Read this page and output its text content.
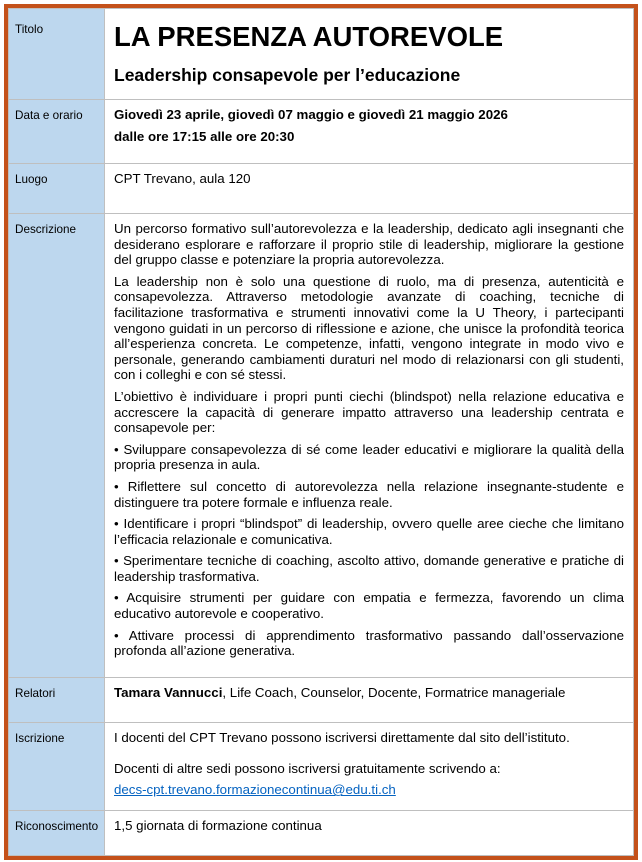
Titolo	LA PRESENZA AUTOREVOLE
Leadership consapevole per l’educazione

Data e orario	Giovedì 23 aprile, giovedì 07 maggio e giovedì 21 maggio 2026

dalle ore 17:15 alle ore 20:30

Luogo	CPT Trevano, aula 120

Descrizione	Un percorso formativo sull’autorevolezza e la leadership, dedicato agli insegnanti che desiderano esplorare e rafforzare il proprio stile di leadership, migliorare la gestione del gruppo classe e potenziare la propria autorevolezza.

La leadership non è solo una questione di ruolo, ma di presenza, autenticità e consapevolezza. Attraverso metodologie avanzate di coaching, tecniche di facilitazione trasformativa e strumenti innovativi come la U Theory, i partecipanti vengono guidati in un percorso di riflessione e azione, che unisce la profondità teorica all’esperienza concreta. Le competenze, infatti, vengono integrate in modo vivo e personale, generando cambiamenti duraturi nel modo di relazionarsi con gli studenti, con i colleghi e con sé stessi.

L’obiettivo è individuare i propri punti ciechi (blindspot) nella relazione educativa e accrescere la capacità di generare impatto attraverso una leadership centrata e consapevole per:

• Sviluppare consapevolezza di sé come leader educativi e migliorare la qualità della propria presenza in aula.

• Riflettere sul concetto di autorevolezza nella relazione insegnante-studente e distinguere tra potere formale e influenza reale.

• Identificare i propri “blindspot” di leadership, ovvero quelle aree cieche che limitano l’efficacia relazionale e comunicativa.

• Sperimentare tecniche di coaching, ascolto attivo, domande generative e pratiche di leadership trasformativa.

• Acquisire strumenti per guidare con empatia e fermezza, favorendo un clima educativo autorevole e cooperativo.

• Attivare processi di apprendimento trasformativo passando dall’osservazione profonda all’azione generativa.

Relatori	Tamara Vannucci, Life Coach, Counselor, Docente, Formatrice manageriale

Iscrizione	I docenti del CPT Trevano possono iscriversi direttamente dal sito dell’istituto.

Docenti di altre sedi possono iscriversi gratuitamente scrivendo a:

decs-cpt.trevano.formazionecontinua@edu.ti.ch

Riconoscimento	1,5 giornata di formazione continua
